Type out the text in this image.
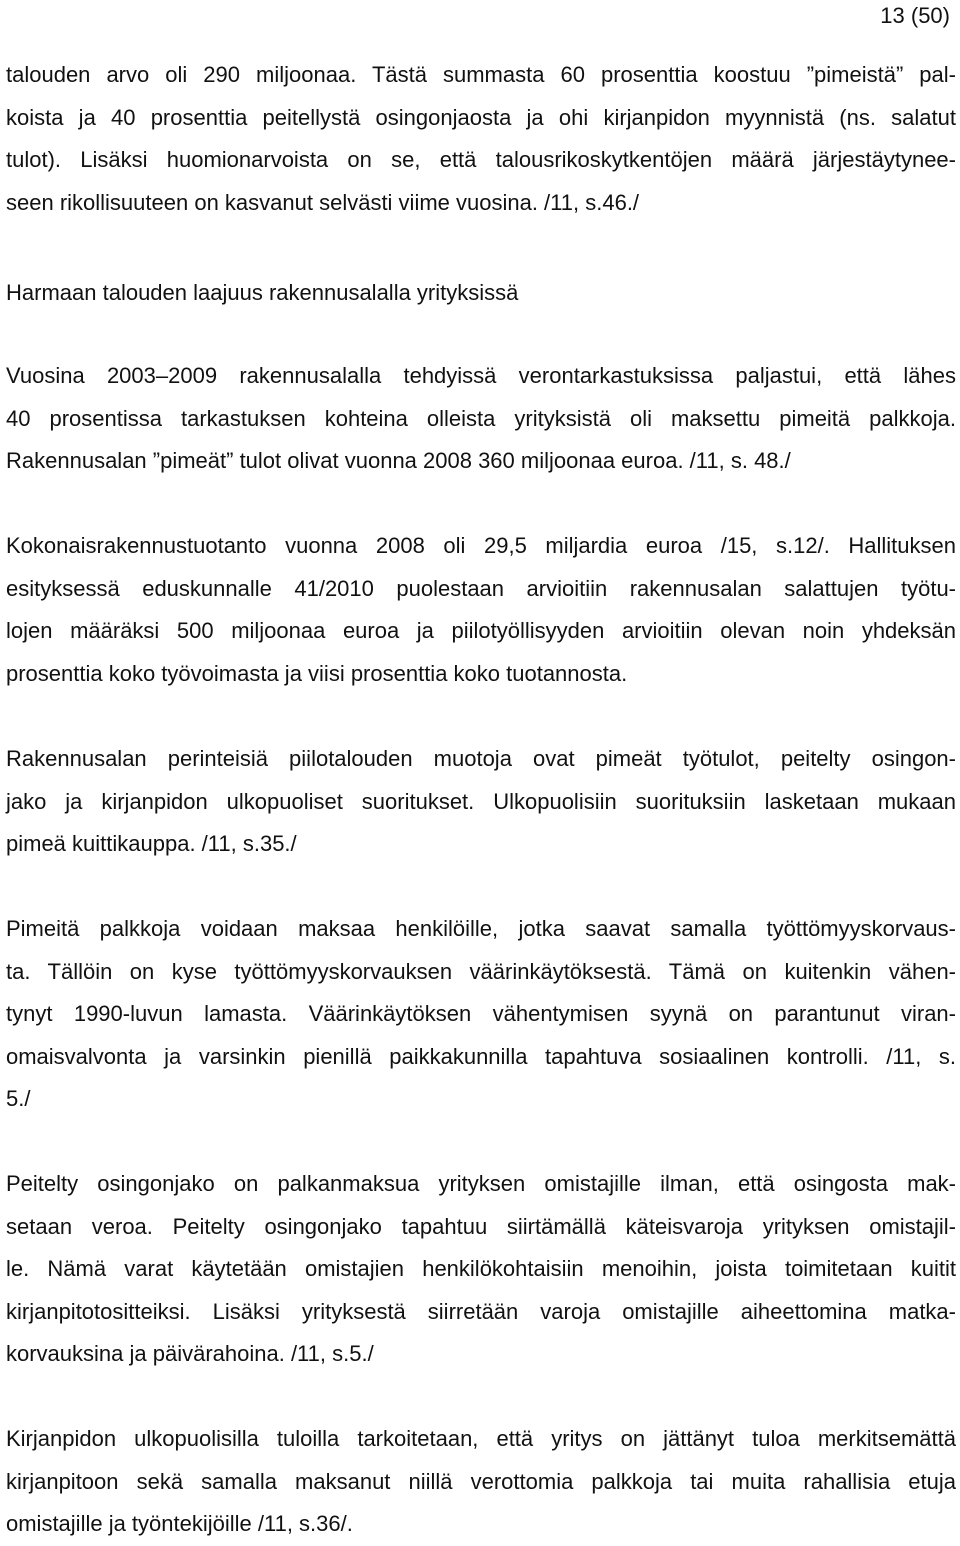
13 (50)
talouden arvo oli 290 miljoonaa. Tästä summasta 60 prosenttia koostuu ”pimeistä” pal-
koista ja 40 prosenttia peitellystä osingonjaosta ja ohi kirjanpidon myynnistä (ns. salatut
tulot). Lisäksi huomionarvoista on se, että talousrikoskytkentöjen määrä järjestäytynee-
seen rikollisuuteen on kasvanut selvästi viime vuosina. /11, s.46./
Harmaan talouden laajuus rakennusalalla yrityksissä
Vuosina 2003–2009 rakennusalalla tehdyissä verontarkastuksissa paljastui, että lähes
40 prosentissa tarkastuksen kohteina olleista yrityksistä oli maksettu pimeitä palkkoja.
Rakennusalan ”pimeät” tulot olivat vuonna 2008 360 miljoonaa euroa. /11, s. 48./
Kokonaisrakennustuotanto vuonna 2008 oli 29,5 miljardia euroa /15, s.12/. Hallituksen
esityksessä eduskunnalle 41/2010 puolestaan arvioitiin rakennusalan salattujen työtu-
lojen määräksi 500 miljoonaa euroa ja piilotyöllisyyden arvioitiin olevan noin yhdeksän
prosenttia koko työvoimasta ja viisi prosenttia koko tuotannosta.
Rakennusalan perinteisiä piilotalouden muotoja ovat pimeät työtulot, peitelty osingon-
jako ja kirjanpidon ulkopuoliset suoritukset. Ulkopuolisiin suorituksiin lasketaan mukaan
pimeä kuittikauppa. /11, s.35./
Pimeitä palkkoja voidaan maksaa henkilöille, jotka saavat samalla työttömyyskorvaus-
ta. Tällöin on kyse työttömyyskorvauksen väärinkäytöksestä. Tämä on kuitenkin vähen-
tynyt 1990-luvun lamasta. Väärinkäytöksen vähentymisen syynä on parantunut viran-
omaisvalvonta ja varsinkin pienillä paikkakunnilla tapahtuva sosiaalinen kontrolli. /11, s.
5./
Peitelty osingonjako on palkanmaksua yrityksen omistajille ilman, että osingosta mak-
setaan veroa. Peitelty osingonjako tapahtuu siirtämällä käteisvaroja yrityksen omistajil-
le. Nämä varat käytetään omistajien henkilökohtaisiin menoihin, joista toimitetaan kuitit
kirjanpitotositteiksi. Lisäksi yrityksestä siirretään varoja omistajille aiheettomina matka-
korvauksina ja päivärahoina. /11, s.5./
Kirjanpidon ulkopuolisilla tuloilla tarkoitetaan, että yritys on jättänyt tuloa merkitsemättä
kirjanpitoon sekä samalla maksanut niillä verottomia palkkoja tai muita rahallisia etuja
omistajille ja työntekijöille /11, s.36/.
